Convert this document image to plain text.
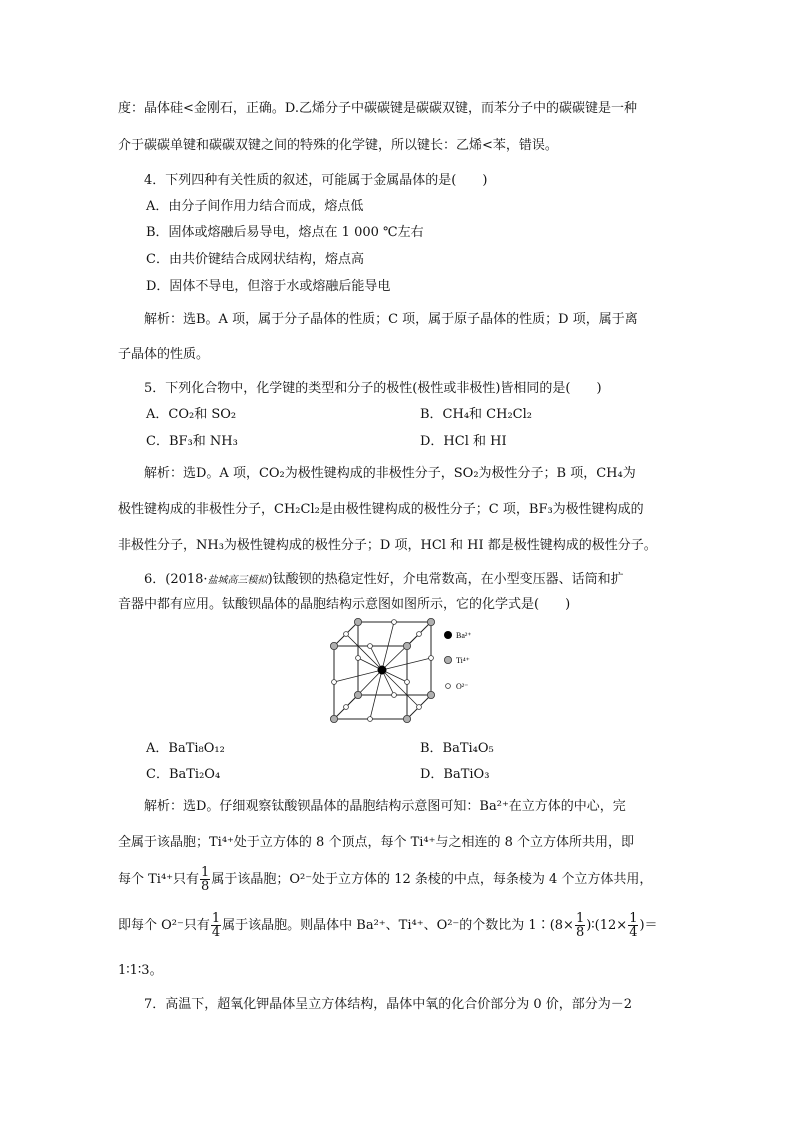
度：晶体硅<金刚石，正确。D.乙烯分子中碳碳键是碳碳双键，而苯分子中的碳碳键是一种
介于碳碳单键和碳碳双键之间的特殊的化学键，所以键长：乙烯<苯，错误。
4．下列四种有关性质的叙述，可能属于金属晶体的是(　　)
A．由分子间作用力结合而成，熔点低
B．固体或熔融后易导电，熔点在 1 000 ℃左右
C．由共价键结合成网状结构，熔点高
D．固体不导电，但溶于水或熔融后能导电
解析：选B。A 项，属于分子晶体的性质；C 项，属于原子晶体的性质；D 项，属于离
子晶体的性质。
5．下列化合物中，化学键的类型和分子的极性(极性或非极性)皆相同的是(　　)
A．CO₂和 SO₂	B．CH₄和 CH₂Cl₂
C．BF₃和 NH₃	D．HCl 和 HI
解析：选D。A 项，CO₂为极性键构成的非极性分子，SO₂为极性分子；B 项，CH₄为
极性键构成的非极性分子，CH₂Cl₂是由极性键构成的极性分子；C 项，BF₃为极性键构成的
非极性分子，NH₃为极性键构成的极性分子；D 项，HCl 和 HI 都是极性键构成的极性分子。
6．(2018·盐城高三模拟)钛酸钡的热稳定性好，介电常数高，在小型变压器、话筒和扩
音器中都有应用。钛酸钡晶体的晶胞结构示意图如图所示，它的化学式是(　　)
Ba²⁺
Ti⁴⁺
O²⁻
A．BaTi₈O₁₂	B．BaTi₄O₅
C．BaTi₂O₄	D．BaTiO₃
解析：选D。仔细观察钛酸钡晶体的晶胞结构示意图可知：Ba²⁺在立方体的中心，完
全属于该晶胞；Ti⁴⁺处于立方体的 8 个顶点，每个 Ti⁴⁺与之相连的 8 个立方体所共用，即
每个 Ti⁴⁺只有 $\frac{1}{8}$ 属于该晶胞；O²⁻处于立方体的 12 条棱的中点，每条棱为 4 个立方体共用，
即每个 O²⁻只有 $\frac{1}{4}$ 属于该晶胞。则晶体中 Ba²⁺、Ti⁴⁺、O²⁻的个数比为 1∶(8× $\frac{1}{8}$ )∶(12× $\frac{1}{4}$ )＝
1∶1∶3。
7．高温下，超氧化钾晶体呈立方体结构，晶体中氧的化合价部分为 0 价，部分为－2
